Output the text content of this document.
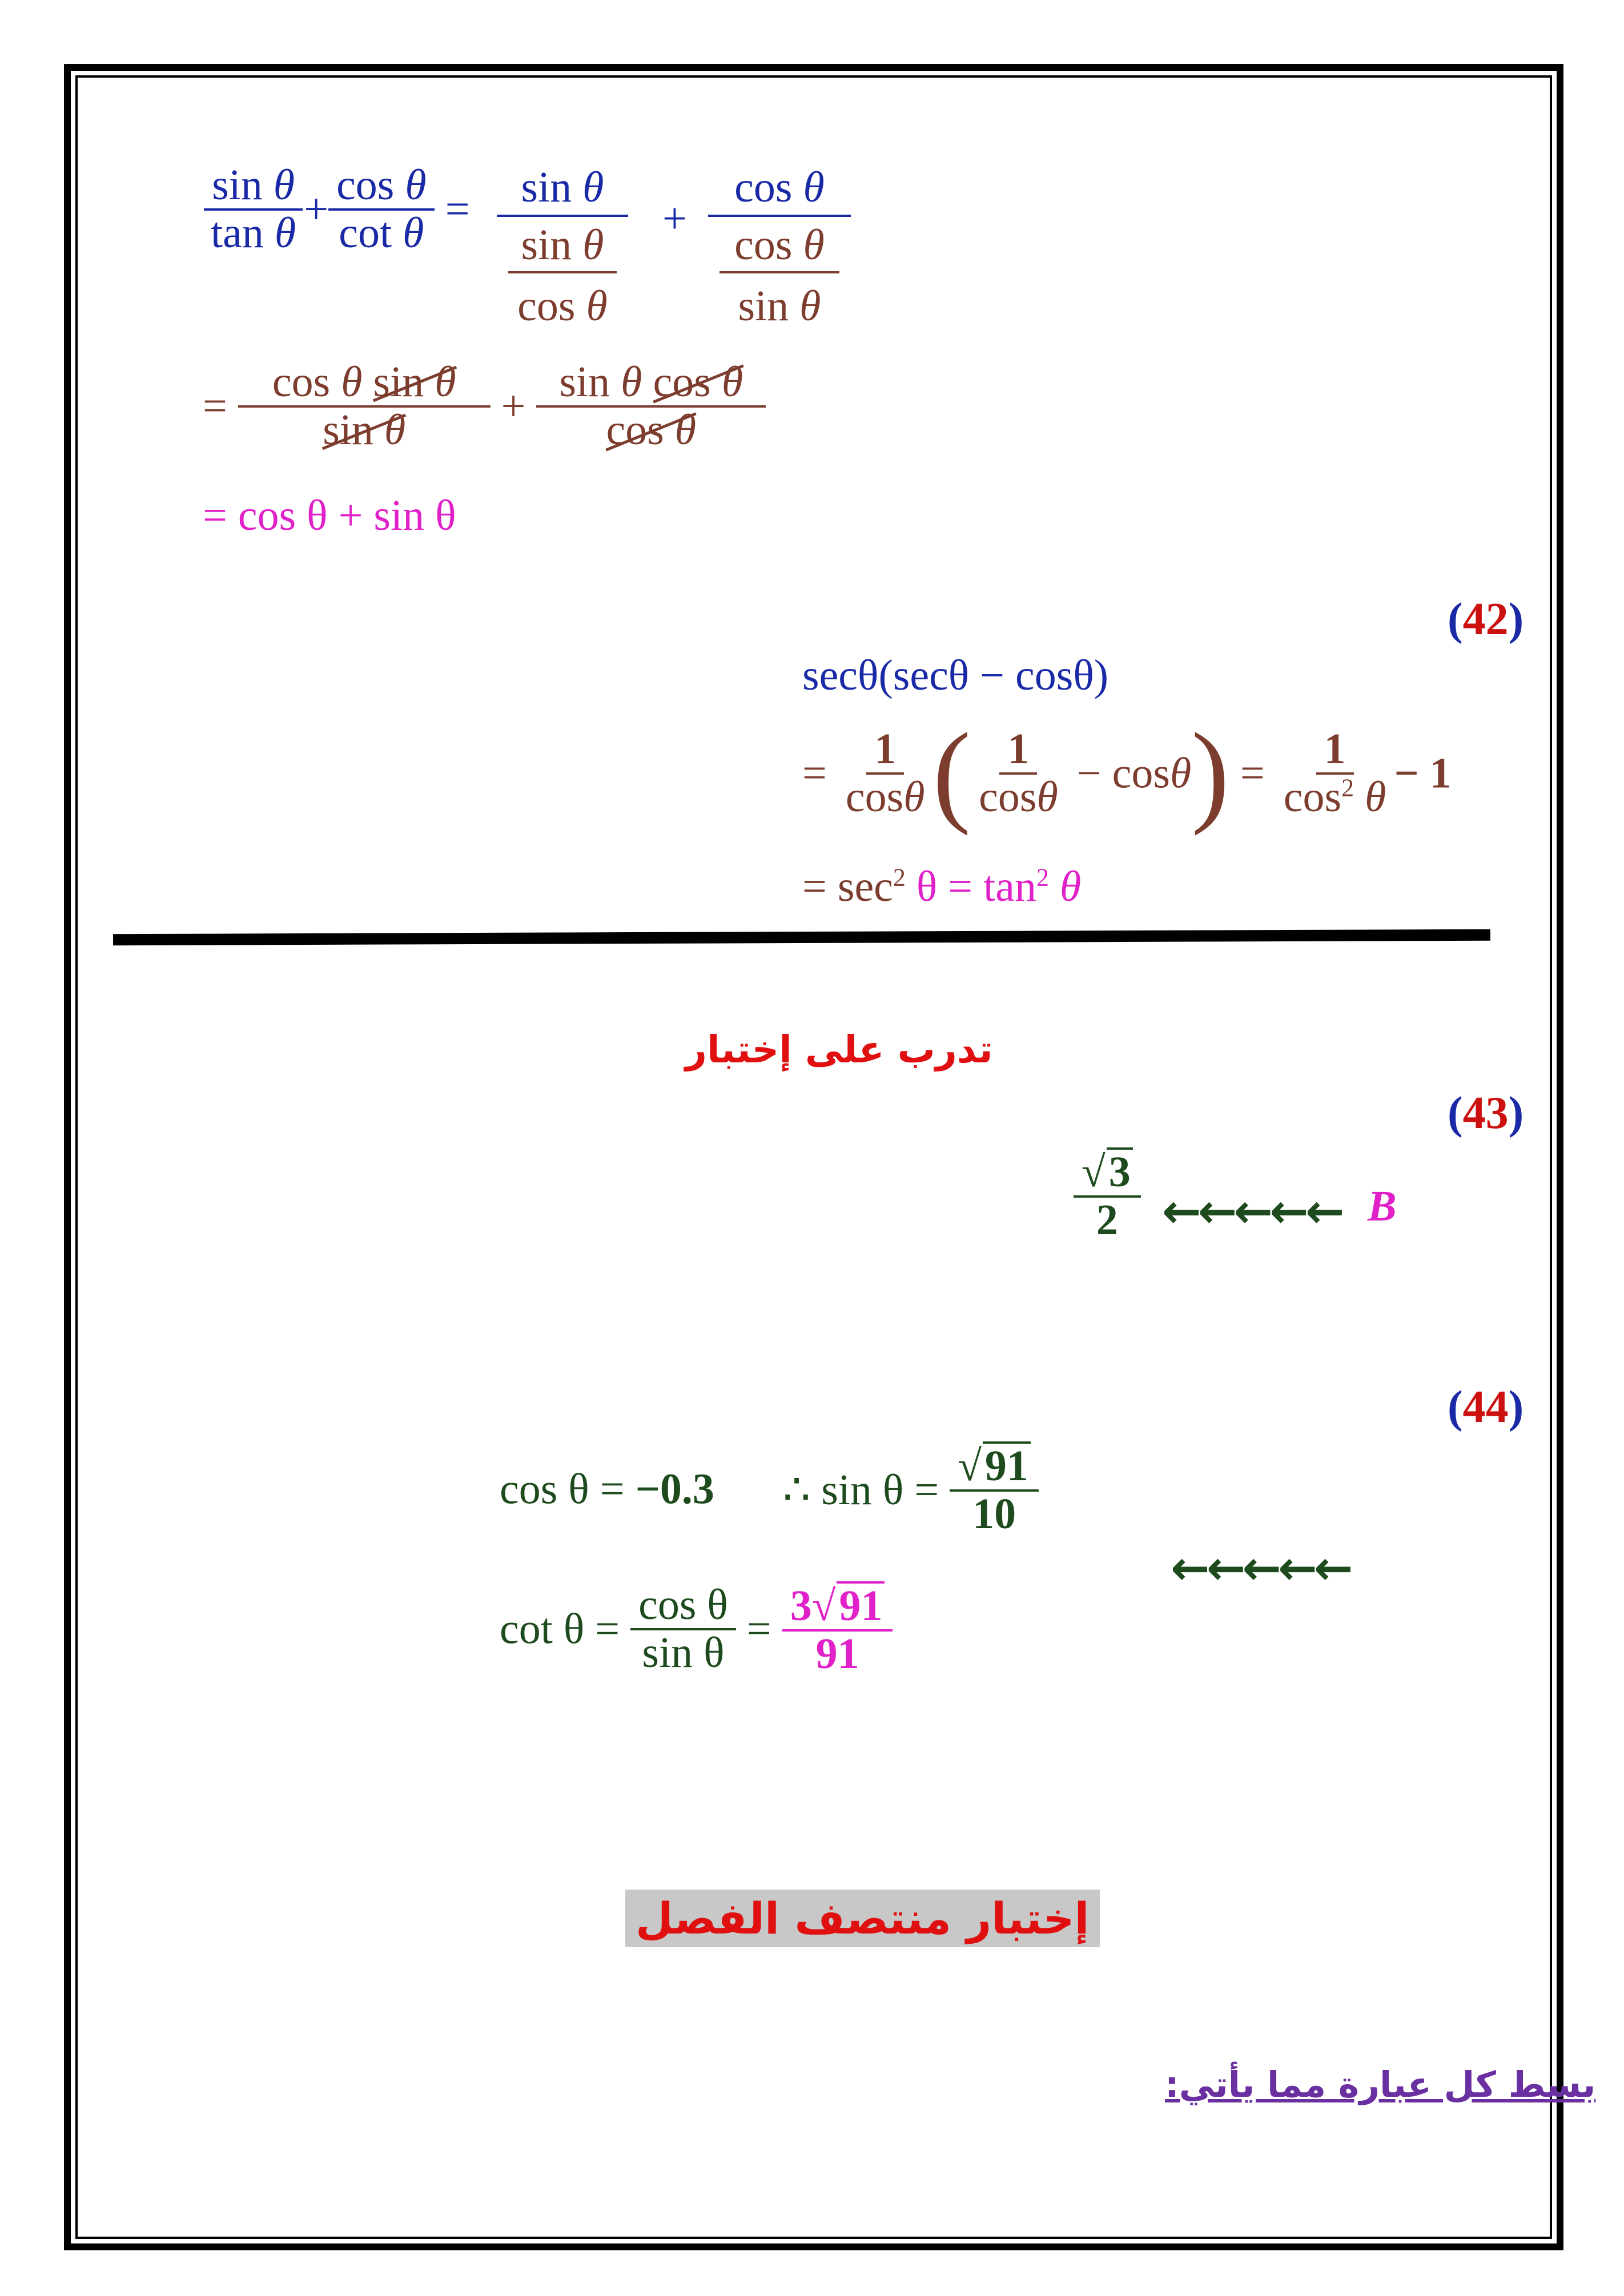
$\frac{\text{sin θ}}{\text{tan θ}} + \frac{\text{cos θ}}{\text{cot θ}}$ =	sin θ
sin θ
cos θ
+
cos θ
cos θ
sin θ
= $\frac{\text{cos θ sin θ}}{\text{sin θ}} + \frac{\text{sin θ cos θ}}{\text{cos θ}}$
= cos θ + sin θ
(42)
secθ(secθ − cosθ)
= $\frac{1}{\cos\theta}$ ( $\frac{1}{\cos\theta} - \cos\theta) = \frac{1}{\cos^2 \theta} - 1$
= $\sec^2 \theta = \tan^2 \theta$
تدرب على إختبار
(43)
$\frac{√3}{2}$ ←←←←← B
(44)
cos θ = −0.3 ∴ $\sin \theta = \frac{√91}{10}$
←←←←←
$\cot \theta = \frac{\text{cos θ}}{\text{sin θ}} = \frac{3√91}{91}$
إختبار منتصف الفصل
بسط كل عبارة مما يأتي:
